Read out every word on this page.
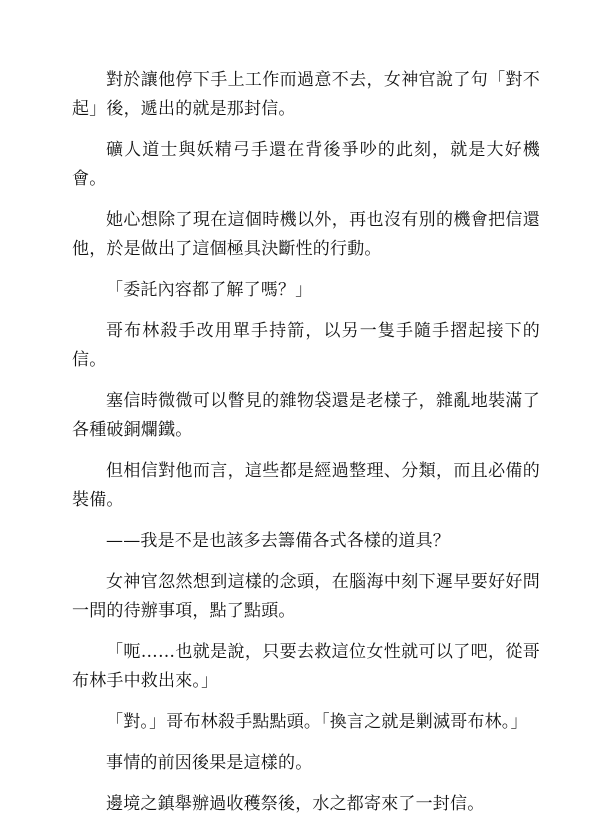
對於讓他停下手上工作而過意不去，女神官說了句「對不起」後，遞出的就是那封信。

礦人道士與妖精弓手還在背後爭吵的此刻，就是大好機會。

她心想除了現在這個時機以外，再也沒有別的機會把信還他，於是做出了這個極具決斷性的行動。

「委託內容都了解了嗎？」

哥布林殺手改用單手持箭，以另一隻手隨手摺起接下的信。

塞信時微微可以瞥見的雜物袋還是老樣子，雜亂地裝滿了各種破銅爛鐵。

但相信對他而言，這些都是經過整理、分類，而且必備的裝備。

——我是不是也該多去籌備各式各樣的道具？

女神官忽然想到這樣的念頭，在腦海中刻下遲早要好好問一問的待辦事項，點了點頭。

「呃……也就是說，只要去救這位女性就可以了吧，從哥布林手中救出來。」

「對。」哥布林殺手點點頭。「換言之就是剿滅哥布林。」

事情的前因後果是這樣的。

邊境之鎮舉辦過收穫祭後，水之都寄來了一封信。
